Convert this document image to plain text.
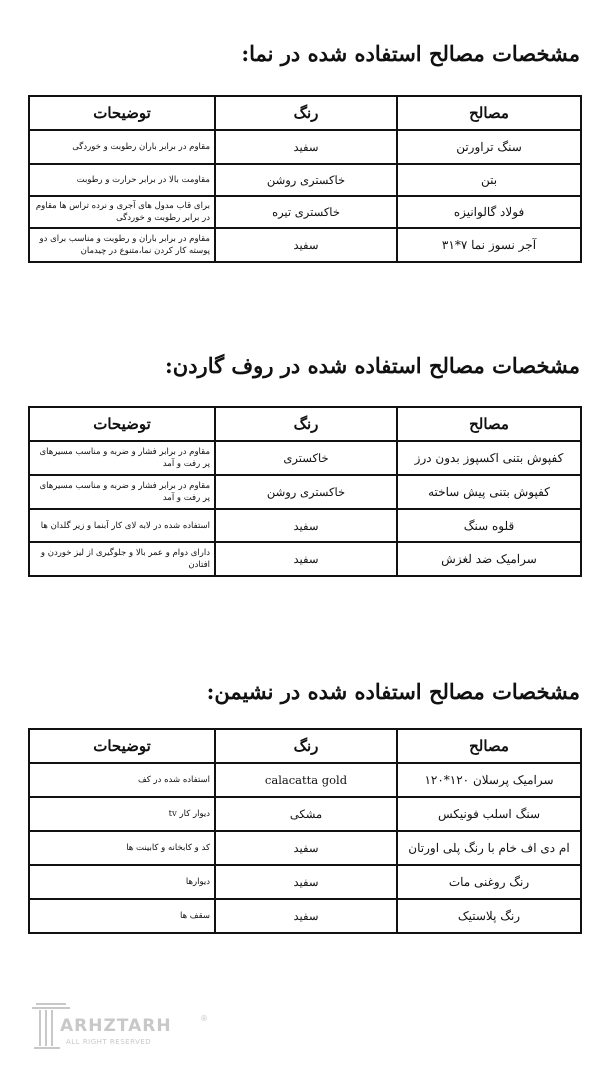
مشخصات مصالح استفاده شده در نما:
مصالح	رنگ	توضیحات
سنگ تراورتن	سفید	مقاوم در برابر باران رطوبت و خوردگی
بتن	خاکستری روشن	مقاومت بالا در برابر حرارت و رطوبت
فولاد گالوانیزه	خاکستری تیره	برای قاب مدول های آجری و نرده تراس ها مقاوم در برابر رطوبت و خوردگی
آجر نسوز نما ۷*۳۱	سفید	مقاوم در برابر باران و رطوبت و مناسب برای دو پوسته کار کردن نما،متنوع در چیدمان
مشخصات مصالح استفاده شده در روف گاردن:
مصالح	رنگ	توضیحات
کفپوش بتنی اکسپوز بدون درز	خاکستری	مقاوم در برابر فشار و ضربه و مناسب مسیرهای پر رفت و آمد
کفپوش بتنی پیش ساخته	خاکستری روشن	مقاوم در برابر فشار و ضربه و مناسب مسیرهای پر رفت و آمد
قلوه سنگ	سفید	استفاده شده در لابه لای کار آبنما و زیر گلدان ها
سرامیک ضد لغزش	سفید	دارای دوام و عمر بالا و جلوگیری از لیز خوردن و افتادن
مشخصات مصالح استفاده شده در نشیمن:
مصالح	رنگ	توضیحات
سرامیک پرسلان ۱۲۰*۱۲۰	calacatta gold	استفاده شده در کف
سنگ اسلب فونیکس	مشکی	دیوار کار tv
ام دی اف خام با رنگ پلی اورتان	سفید	کد و کابخانه و کابینت ها
رنگ روغنی مات	سفید	دیوارها
رنگ پلاستیک	سفید	سقف ها
ARHZTARH
ALL RIGHT RESERVED
®
